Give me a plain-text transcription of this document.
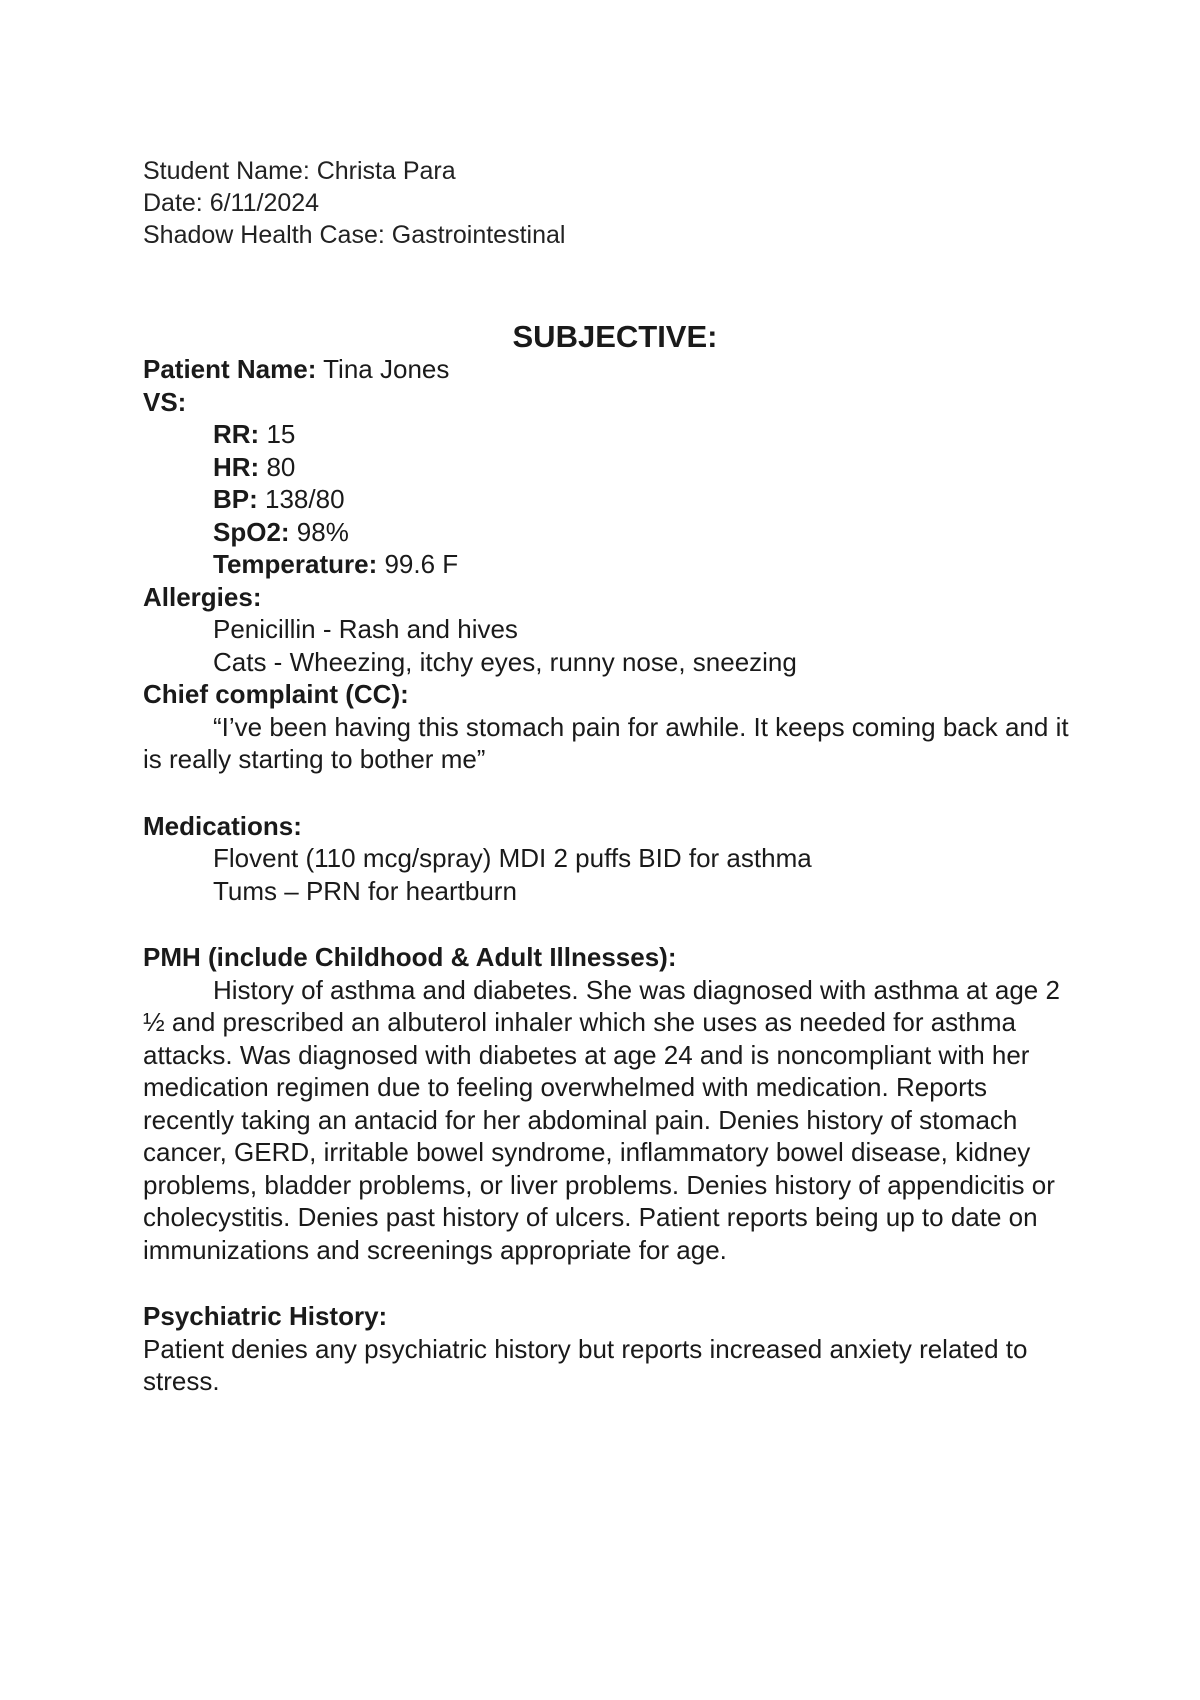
Student Name: Christa Para
Date: 6/11/2024
Shadow Health Case: Gastrointestinal
SUBJECTIVE:
Patient Name: Tina Jones
VS:
RR: 15
HR: 80
BP: 138/80
SpO2: 98%
Temperature: 99.6 F
Allergies:
Penicillin - Rash and hives
Cats - Wheezing, itchy eyes, runny nose, sneezing
Chief complaint (CC):

“I’ve been having this stomach pain for awhile. It keeps coming back and it is really starting to bother me”

Medications:
Flovent (110 mcg/spray) MDI 2 puffs BID for asthma
Tums – PRN for heartburn
PMH (include Childhood & Adult Illnesses):

History of asthma and diabetes. She was diagnosed with asthma at age 2 ½ and prescribed an albuterol inhaler which she uses as needed for asthma attacks. Was diagnosed with diabetes at age 24 and is noncompliant with her medication regimen due to feeling overwhelmed with medication. Reports recently taking an antacid for her abdominal pain. Denies history of stomach cancer, GERD, irritable bowel syndrome, inflammatory bowel disease, kidney problems, bladder problems, or liver problems. Denies history of appendicitis or cholecystitis. Denies past history of ulcers. Patient reports being up to date on immunizations and screenings appropriate for age.

Psychiatric History:

Patient denies any psychiatric history but reports increased anxiety related to stress.
